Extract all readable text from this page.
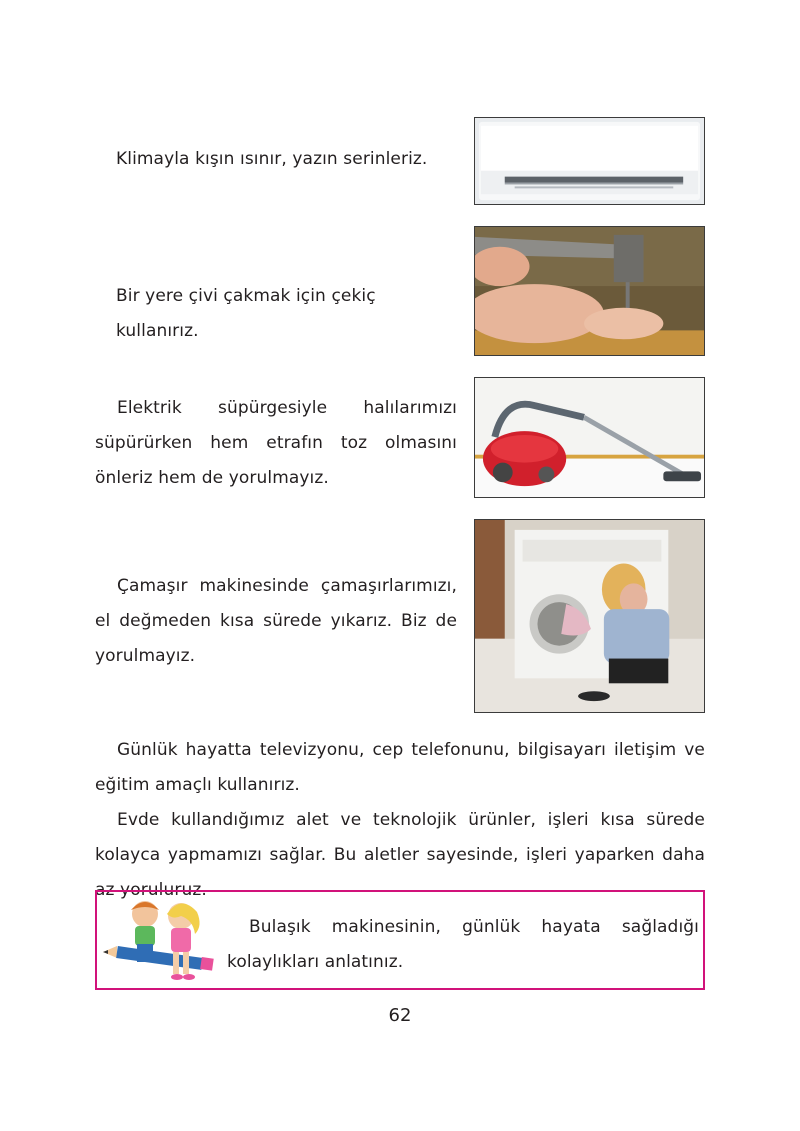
Klimayla kışın ısınır, yazın serinleriz.
Bir yere çivi çakmak için çekiç kullanırız.
Elektrik süpürgesiyle halılarımızı süpürürken hem etrafın toz olmasını önleriz hem de yorulmayız.
Çamaşır makinesinde çamaşırlarımızı, el değmeden kısa sürede yıkarız. Biz de yorulmayız.
Günlük hayatta televizyonu, cep telefonunu, bilgisayarı iletişim ve eğitim amaçlı kullanırız.
Evde kullandığımız alet ve teknolojik ürünler, işleri kısa sürede kolayca yapmamızı sağlar. Bu aletler sayesinde, işleri yaparken daha az yoruluruz.
Bulaşık makinesinin, günlük hayata sağladığı kolaylıkları anlatınız.
62
